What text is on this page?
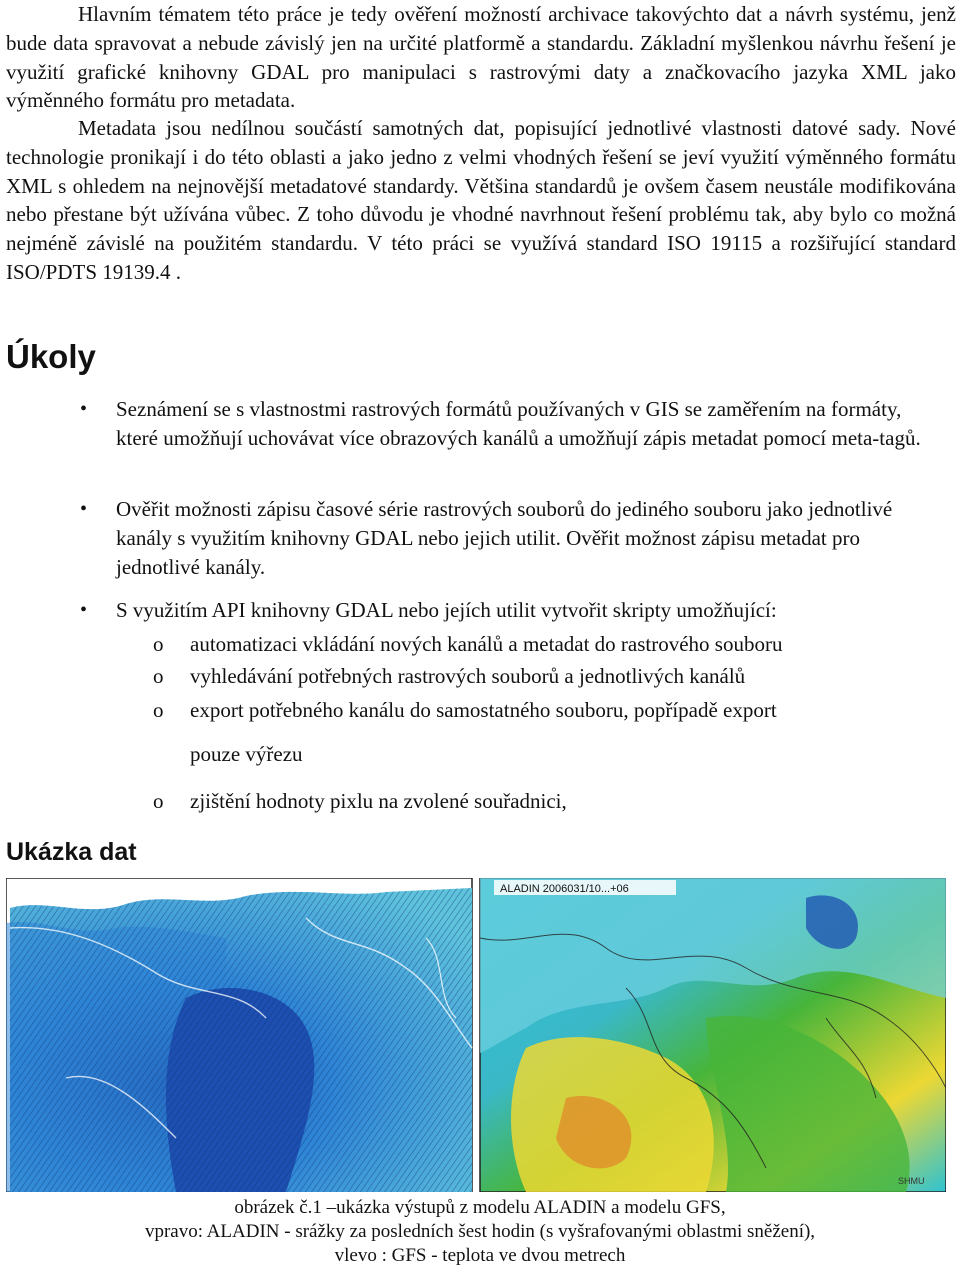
Hlavním tématem této práce je tedy ověření možností archivace takovýchto dat a návrh systému, jenž bude data spravovat a nebude závislý jen na určité platformě a standardu. Základní myšlenkou návrhu řešení je využití grafické knihovny GDAL pro manipulaci s rastrovými daty a značkovacího jazyka XML jako výměnného formátu pro metadata.

Metadata jsou nedílnou součástí samotných dat, popisující jednotlivé vlastnosti datové sady. Nové technologie pronikají i do této oblasti a jako jedno z velmi vhodných řešení se jeví využití výměnného formátu XML s ohledem na nejnovější metadatové standardy. Většina standardů je ovšem časem neustále modifikována nebo přestane být užívána vůbec. Z toho důvodu je vhodné navrhnout řešení problému tak, aby bylo co možná nejméně závislé na použitém standardu. V této práci se využívá standard ISO 19115 a rozšiřující standard ISO/PDTS 19139.4 .

Úkoly
• Seznámení se s vlastnostmi rastrových formátů používaných v GIS se zaměřením na formáty, které umožňují uchovávat více obrazových kanálů a umožňují zápis metadat pomocí meta-tagů.
• Ověřit možnosti zápisu časové série rastrových souborů do jediného souboru jako jednotlivé kanály s využitím knihovny GDAL nebo jejich utilit. Ověřit možnost zápisu metadat pro jednotlivé kanály.
• S využitím API knihovny GDAL nebo jejích utilit vytvořit skripty umožňující:
o automatizaci vkládání nových kanálů a metadat do rastrového souboru
o vyhledávání potřebných rastrových souborů a jednotlivých kanálů
o export potřebného kanálu do samostatného souboru, popřípadě export
pouze výřezu
o zjištění hodnoty pixlu na zvolené souřadnici,
Ukázka dat
ALADIN 2006031/10...+06
SHMU
obrázek č.1 –ukázka výstupů z modelu ALADIN a modelu GFS,
vpravo: ALADIN - srážky za posledních šest hodin (s vyšrafovanými oblastmi sněžení),
vlevo : GFS - teplota ve dvou metrech
